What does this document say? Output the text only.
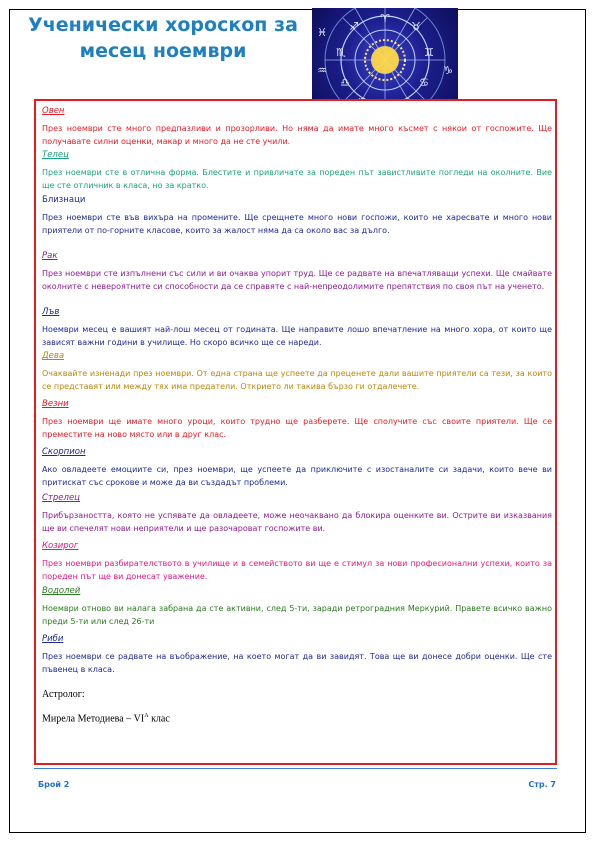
Ученически хороскоп за
месец ноември
♈
♉
♊
♋
♎
♏
♐
♑
♒
♓
Овен
През ноември сте много предпазливи и прозорливи. Но няма да имате много късмет с някои от госпожите. Ще получавате силни оценки, макар и много да не сте учили.
Телец
През ноември сте в отлична форма. Блестите и привличате за пореден път завистливите погледи на околните. Вие ще сте отличник в класа, но за кратко.
Близнаци
През ноември сте във вихъра на промените. Ще срещнете много нови госпожи, които не харесвате и много нови приятели от по-горните класове, които за жалост няма да са около вас за дълго.
Рак
През ноември сте изпълнени със сили и ви очаква упорит труд. Ще се радвате на впечатляващи успехи. Ще смайвате околните с невероятните си способности да се справяте с най-непреодолимите препятствия по своя път на ученето.
Лъв
Ноември месец е вашият най-лош месец от годината. Ще направите лошо впечатление на много хора, от които ще зависят важни години в училище. Но скоро всичко ще се нареди.
Дева
Очаквайте изненади през ноември. От една страна ще успеете да преценете дали вашите приятели са тези, за които се представят или между тях има предатели. Открието ли такива бързо ги отдалечете.
Везни
През ноември ще имате много уроци, които трудно ще разберете. Ще сполучите със своите приятели. Ще се преместите на ново място или в друг клас.
Скорпион
Ако овладеете емоциите си, през ноември, ще успеете да приключите с изостаналите си задачи, които вече ви притискат със срокове и може да ви създадът проблеми.
Стрелец
Прибързаността, която не успявате да овладеете, може неочаквано да блокира оценките ви. Острите ви изказвания ще ви спечелят нови неприятели и ще разочароват госпожите ви.
Козирог
През ноември разбирателството в училище и в семейството ви ще е стимул за нови професионални успехи, които за пореден път ще ви донесат уважение.
Водолей
Ноември отново ви налага забрана да сте активни, след 5-ти, заради ретроградния Меркурий. Правете всичко важно преди 5-ти или след 26-ти
Риби
През ноември се радвате на въображение, на което могат да ви завидят. Това ще ви донесе добри оценки. Ще сте пъвенец в класа.
Астролог:
Мирела Методиева – $VI^А$ клас
Брой 2	Стр. 7
